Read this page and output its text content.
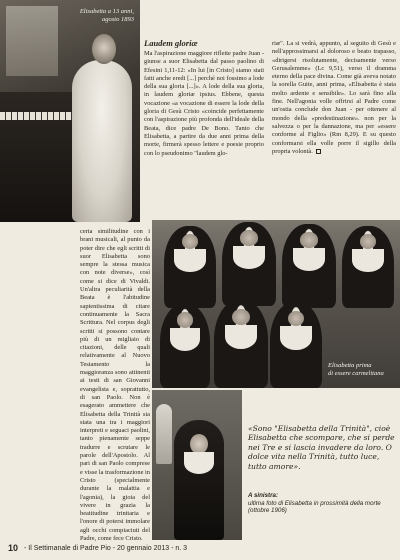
Elisabetta a 13 anni,
agosto 1893
Laudem gloriæ

Ma l'aspirazione maggiore riflette padre Juan - giunse a suor Elisabetta dal passo paolino di Efesini 1,11-12: «In lui [in Cristo] siamo stati fatti anche eredi [...] perché noi fossimo a lode della sua gloria [...]». A lode della sua gloria, in laudem gloriæ ipsius. Ebbene, questa vocazione «a vocazione di essere la lode della gloria di Gesù Cristo «coincide perfettamente con l'aspirazione più profonda dell'ideale della Beata, dice padre De Bono. Tanto che Elisabetta, a partire da due anni prima della morte, firmerà spesso lettere e poesie proprio con lo pseudonimo "laudem glo-

riæ". La si vedrà, appunto, al seguito di Gesù e nell'approssimarsi al doloroso e beato trapasso, «dirigersi risolutamente, decisamente verso Gerusalemme» (Lc 9,51), verso il dramma eterno della pace divina. Come già aveva notato la sorella Guite, anni prima, «Elisabetta è stata molto ardente e sensibile». Lo sarà fino alla fine. Nell'agonia volle offrirsi al Padre come un'ostia conclude don Juan - per ottenere al mondo della «predestinazione». non per la salvezza o per la dannazione, ma per «essere conforme al Figlio» (Rm 8,29). E su questo conformarsi ella volle porre il sigillo della propria volontà.

certa similitudine con i brani musicali, al punto da poter dire che egli scritti di suor Elisabetta sono sempre la stessa musica con note diverse», così come si dice di Vivaldi. Un'altra peculiarità della Beata è l'abitudine sapientissima di citare continuamente la Sacra Scrittura. Nel corpus degli scritti si possono contare più di un migliaio di citazioni, delle quali relativamente al Nuovo Testamento la maggioranza sono attinenti ai testi di san Giovanni evangelista e, soprattutto, di san Paolo. Non è esagerato ammettere che Elisabetta della Trinità sia stata una tra i maggiori interpreti e seguaci paolini, tanto pienamente seppe tradurre e scrutare le parole dell'Apostolo. Al pari di san Paolo comprese e visse la trasformazione in Cristo (specialmente durante la malattia e l'agonia), la gioia del vivere in grazia la beatitudine trinitaria e l'onore di potersi immolare agli occhi compiaciuti del Padre, come fece Cristo.

Elisabetta prima
di essere carmelitana
«Sono "Elisabetta della Trinità", cioè Elisabetta che scompare, che si perde nei Tre e si lascia invadere da loro. O dolce vita nella Trinità, tutto luce, tutto amore».
A sinistra:
ultima foto di Elisabetta in prossimità della morte (ottobre 1906)
10 - Il Settimanale di Padre Pio - 20 gennaio 2013 - n. 3
